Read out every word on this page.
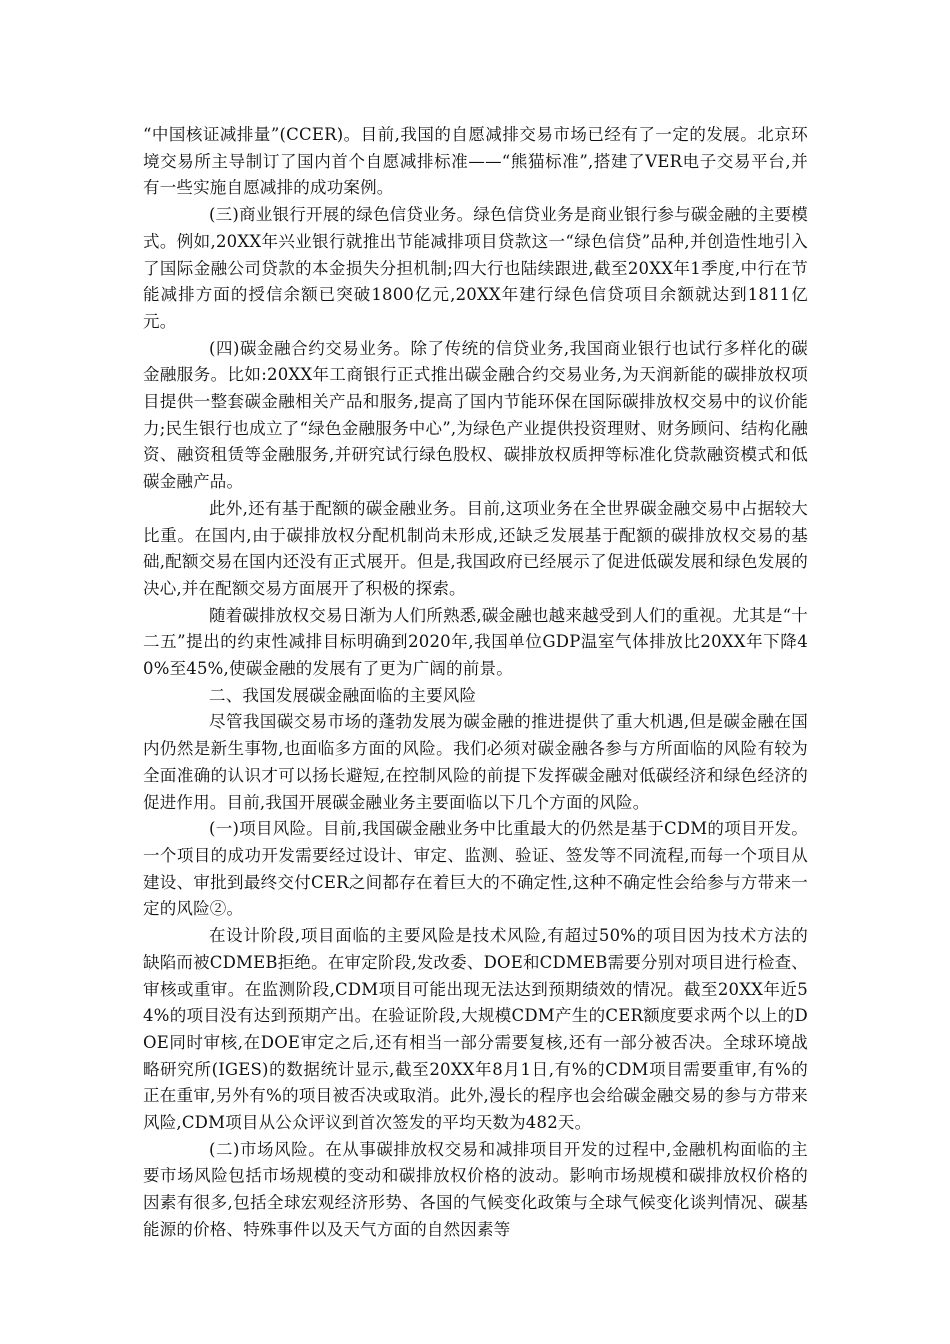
“中国核证减排量”(CCER)。目前,我国的自愿减排交易市场已经有了一定的发展。北京环境交易所主导制订了国内首个自愿减排标准——“熊猫标准”,搭建了VER电子交易平台,并有一些实施自愿减排的成功案例。

(三)商业银行开展的绿色信贷业务。绿色信贷业务是商业银行参与碳金融的主要模式。例如,20XX年兴业银行就推出节能减排项目贷款这一“绿色信贷”品种,并创造性地引入了国际金融公司贷款的本金损失分担机制;四大行也陆续跟进,截至20XX年1季度,中行在节能减排方面的授信余额已突破1800亿元,20XX年建行绿色信贷项目余额就达到1811亿元。

(四)碳金融合约交易业务。除了传统的信贷业务,我国商业银行也试行多样化的碳金融服务。比如:20XX年工商银行正式推出碳金融合约交易业务,为天润新能的碳排放权项目提供一整套碳金融相关产品和服务,提高了国内节能环保在国际碳排放权交易中的议价能力;民生银行也成立了“绿色金融服务中心”,为绿色产业提供投资理财、财务顾问、结构化融资、融资租赁等金融服务,并研究试行绿色股权、碳排放权质押等标准化贷款融资模式和低碳金融产品。

此外,还有基于配额的碳金融业务。目前,这项业务在全世界碳金融交易中占据较大比重。在国内,由于碳排放权分配机制尚未形成,还缺乏发展基于配额的碳排放权交易的基础,配额交易在国内还没有正式展开。但是,我国政府已经展示了促进低碳发展和绿色发展的决心,并在配额交易方面展开了积极的探索。

随着碳排放权交易日渐为人们所熟悉,碳金融也越来越受到人们的重视。尤其是“十二五”提出的约束性减排目标明确到2020年,我国单位GDP温室气体排放比20XX年下降40%至45%,使碳金融的发展有了更为广阔的前景。

二、我国发展碳金融面临的主要风险

尽管我国碳交易市场的蓬勃发展为碳金融的推进提供了重大机遇,但是碳金融在国内仍然是新生事物,也面临多方面的风险。我们必须对碳金融各参与方所面临的风险有较为全面准确的认识才可以扬长避短,在控制风险的前提下发挥碳金融对低碳经济和绿色经济的促进作用。目前,我国开展碳金融业务主要面临以下几个方面的风险。

(一)项目风险。目前,我国碳金融业务中比重最大的仍然是基于CDM的项目开发。一个项目的成功开发需要经过设计、审定、监测、验证、签发等不同流程,而每一个项目从建设、审批到最终交付CER之间都存在着巨大的不确定性,这种不确定性会给参与方带来一定的风险②。

在设计阶段,项目面临的主要风险是技术风险,有超过50%的项目因为技术方法的缺陷而被CDMEB拒绝。在审定阶段,发改委、DOE和CDMEB需要分别对项目进行检查、审核或重审。在监测阶段,CDM项目可能出现无法达到预期绩效的情况。截至20XX年近54%的项目没有达到预期产出。在验证阶段,大规模CDM产生的CER额度要求两个以上的DOE同时审核,在DOE审定之后,还有相当一部分需要复核,还有一部分被否决。全球环境战略研究所(IGES)的数据统计显示,截至20XX年8月1日,有%的CDM项目需要重审,有%的正在重审,另外有%的项目被否决或取消。此外,漫长的程序也会给碳金融交易的参与方带来风险,CDM项目从公众评议到首次签发的平均天数为482天。

(二)市场风险。在从事碳排放权交易和减排项目开发的过程中,金融机构面临的主要市场风险包括市场规模的变动和碳排放权价格的波动。影响市场规模和碳排放权价格的因素有很多,包括全球宏观经济形势、各国的气候变化政策与全球气候变化谈判情况、碳基能源的价格、特殊事件以及天气方面的自然因素等
